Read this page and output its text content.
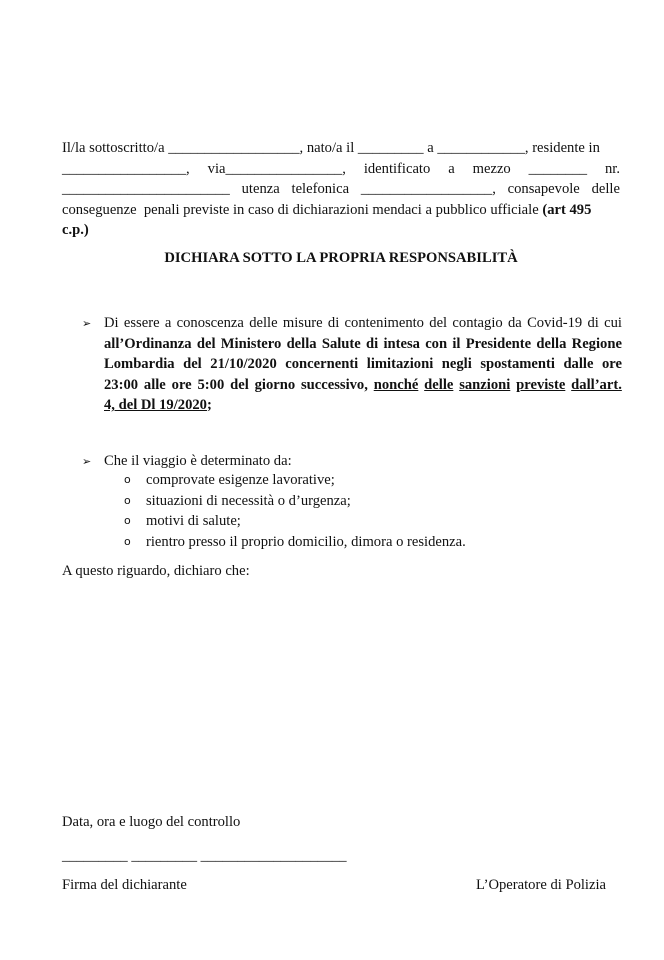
Il/la sottoscritto/a __________________, nato/a il _________ a ____________, residente in
_________________, via________________, identificato a mezzo ________ nr.
_______________________ utenza telefonica __________________, consapevole delle
conseguenze  penali previste in caso di dichiarazioni mendaci a pubblico ufficiale (art 495
c.p.)

DICHIARA SOTTO LA PROPRIA RESPONSABILITÀ

➢ Di essere a conoscenza delle misure di contenimento del contagio da Covid-19 di cui
all’Ordinanza del Ministero della Salute di intesa con il Presidente della Regione
Lombardia del 21/10/2020 concernenti limitazioni negli spostamenti dalle ore
23:00 alle ore 5:00 del giorno successivo, nonché delle sanzioni previste dall’art.
4, del Dl 19/2020 ;
➢ Che il viaggio è determinato da:
o	comprovate esigenze lavorative;
o	situazioni di necessità o d’urgenza;
o	motivi di salute;
o	rientro presso il proprio domicilio, dimora o residenza.

A questo riguardo, dichiaro che:

Data, ora e luogo del controllo

_________ _________ ____________________

Firma del dichiarante	L’Operatore di Polizia
